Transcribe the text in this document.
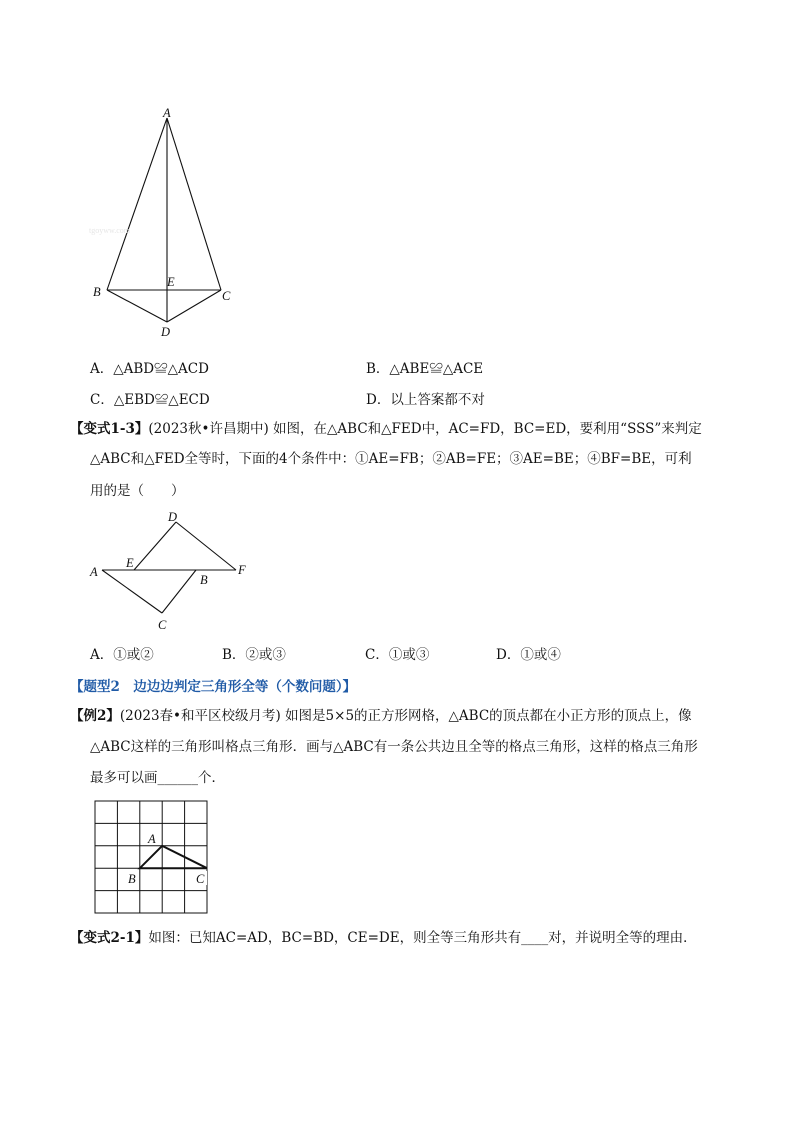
tgoyww.com
A
B	C
D
E
A．△ABD≌△ACD	B．△ABE≌△ACE
C．△EBD≌△ECD	D．以上答案都不对
【变式1-3】(2023秋•许昌期中) 如图，在△ABC和△FED中，AC=FD，BC=ED，要利用“SSS”来判定
△ABC和△FED全等时，下面的4个条件中：①AE=FB；②AB=FE；③AE=BE；④BF=BE，可利
用的是（　　）
A
E
D
B
F
C
A．①或②	B．②或③	C．①或③	D．①或④
【题型2　边边边判定三角形全等（个数问题）】
【例2】(2023春•和平区校级月考) 如图是5×5的正方形网格，△ABC的顶点都在小正方形的顶点上，像
△ABC这样的三角形叫格点三角形．画与△ABC有一条公共边且全等的格点三角形，这样的格点三角形
最多可以画______个．
A
B	C
【变式2-1】如图：已知AC=AD，BC=BD，CE=DE，则全等三角形共有____对，并说明全等的理由．
